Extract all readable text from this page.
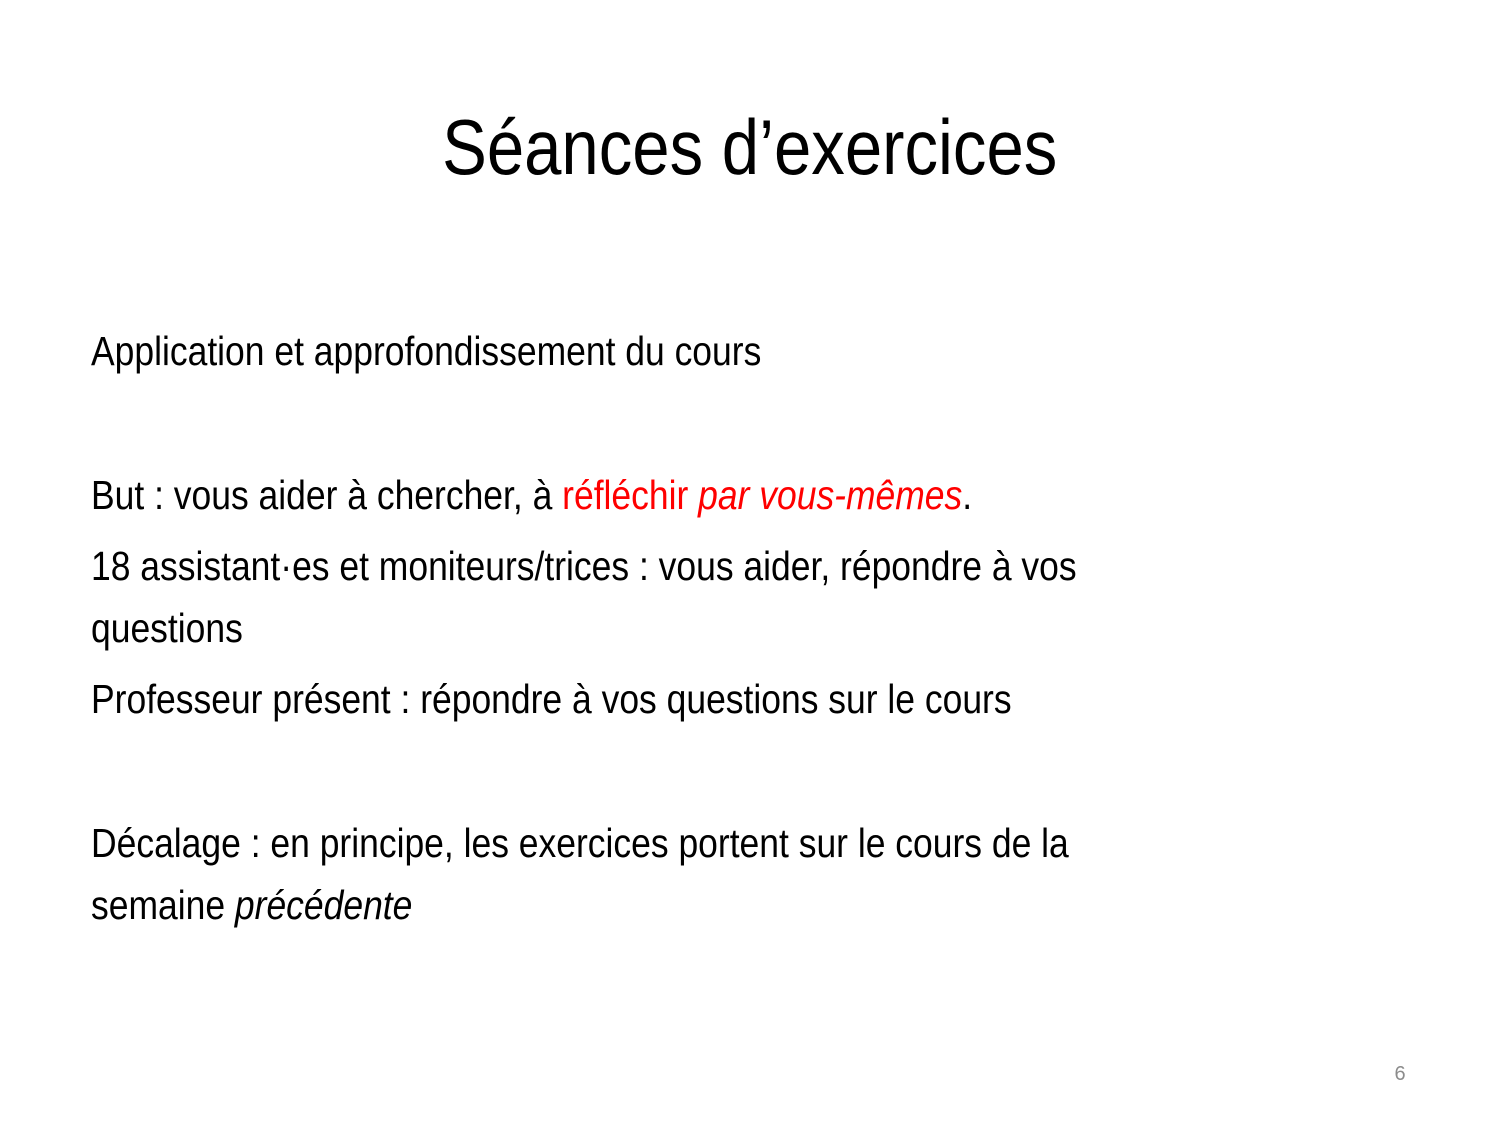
Séances d’exercices
Application et approfondissement du cours
But : vous aider à chercher, à réfléchir par vous-mêmes.
18 assistant·es et moniteurs/trices : vous aider, répondre à vos
questions
Professeur présent : répondre à vos questions sur le cours
Décalage : en principe, les exercices portent sur le cours de la
semaine précédente
6
